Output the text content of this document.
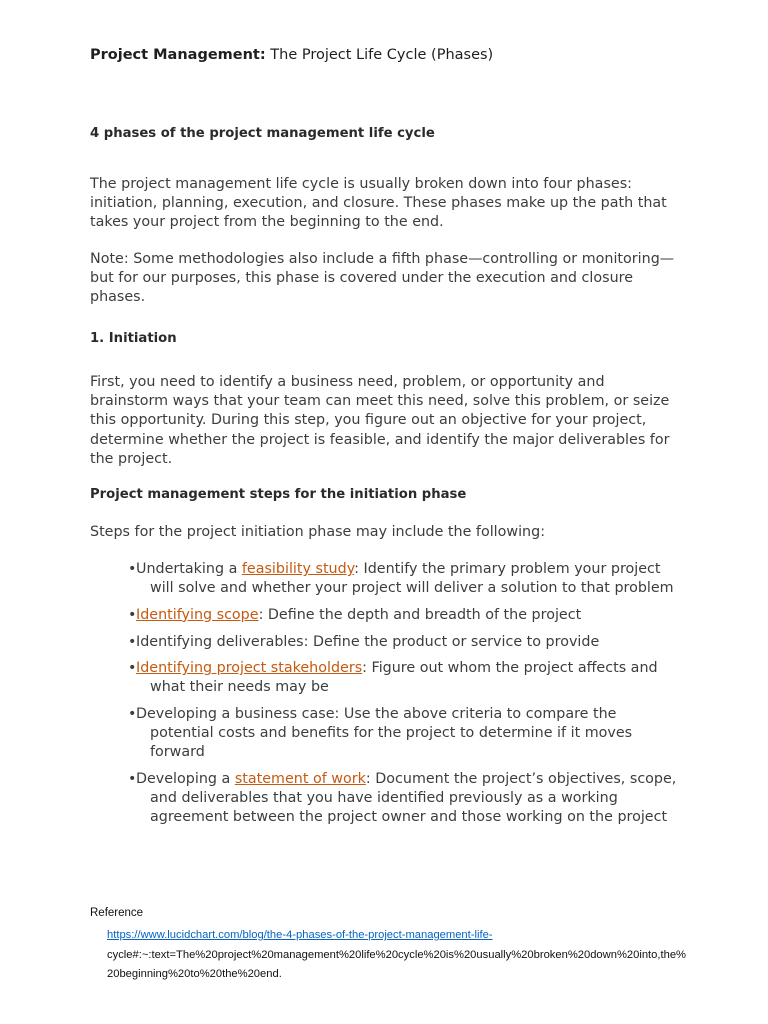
Project Management: The Project Life Cycle (Phases)

4 phases of the project management life cycle

The project management life cycle is usually broken down into four phases: initiation, planning, execution, and closure. These phases make up the path that takes your project from the beginning to the end.

Note: Some methodologies also include a fifth phase—controlling or monitoring—but for our purposes, this phase is covered under the execution and closure phases.

1. Initiation

First, you need to identify a business need, problem, or opportunity and brainstorm ways that your team can meet this need, solve this problem, or seize this opportunity. During this step, you figure out an objective for your project, determine whether the project is feasible, and identify the major deliverables for the project.

Project management steps for the initiation phase

Steps for the project initiation phase may include the following:

•Undertaking a feasibility study: Identify the primary problem your project will solve and whether your project will deliver a solution to that problem
•Identifying scope: Define the depth and breadth of the project
•Identifying deliverables: Define the product or service to provide
•Identifying project stakeholders: Figure out whom the project affects and what their needs may be
•Developing a business case: Use the above criteria to compare the potential costs and benefits for the project to determine if it moves forward
•Developing a statement of work: Document the project’s objectives, scope, and deliverables that you have identified previously as a working agreement between the project owner and those working on the project

Reference

https://www.lucidchart.com/blog/the-4-phases-of-the-project-management-life-
cycle#:~:text=The%20project%20management%20life%20cycle%20is%20usually%20broken%20down%20into,the%20beginning%20to%20the%20end.
